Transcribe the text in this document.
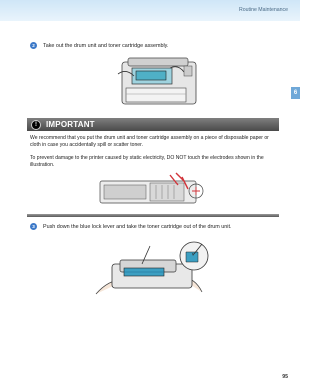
Routine Maintenance
6
2	Take out the drum unit and toner cartridge assembly.
!	IMPORTANT
We recommend that you put the drum unit and toner cartridge assembly on a piece of disposable paper or cloth in case you accidentally spill or scatter toner.
To prevent damage to the printer caused by static electricity, DO NOT touch the electrodes shown in the illustration.
3	Push down the blue lock lever and take the toner cartridge out of the drum unit.
95
